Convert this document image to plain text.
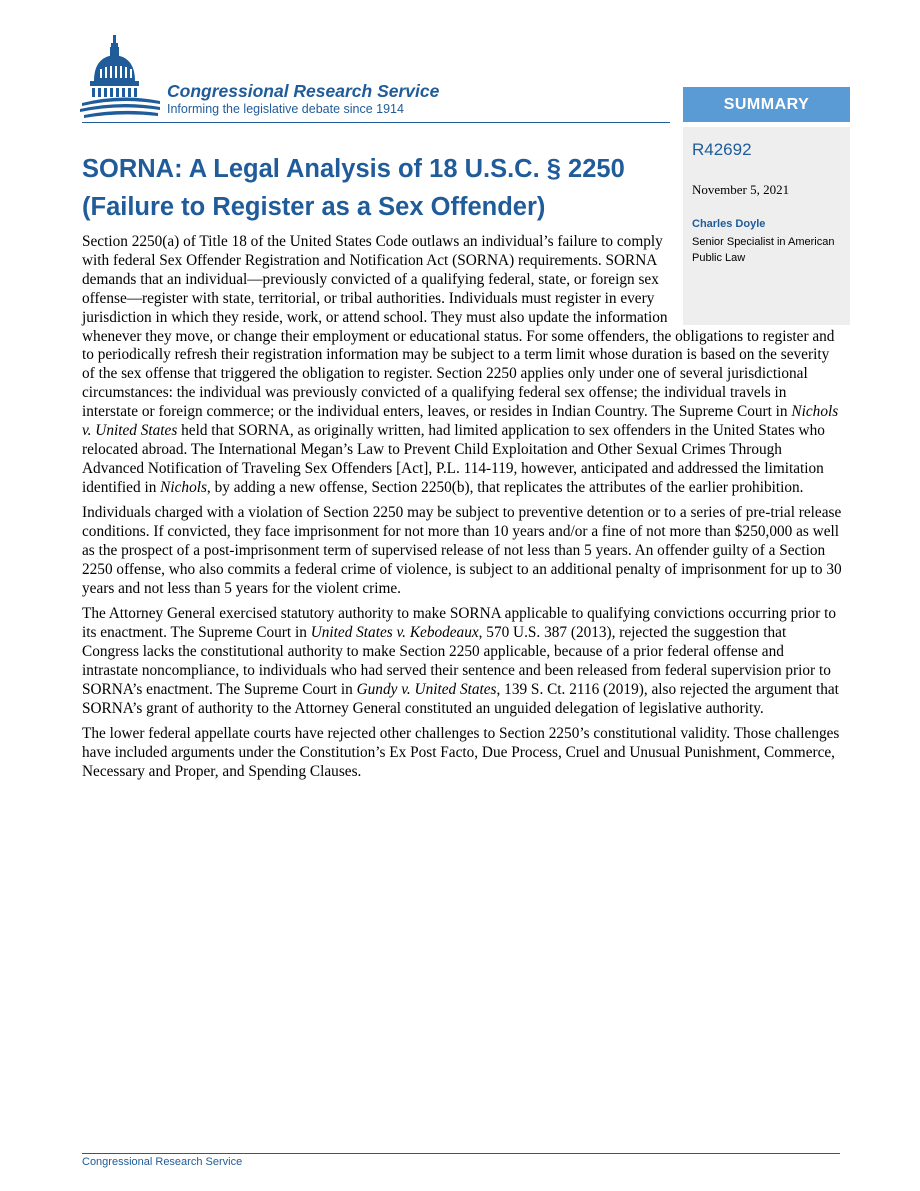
Congressional Research Service
Informing the legislative debate since 1914	SUMMARY
R42692
November 5, 2021
Charles Doyle
Senior Specialist in American Public Law
SORNA: A Legal Analysis of 18 U.S.C. § 2250
(Failure to Register as a Sex Offender)

Section 2250(a) of Title 18 of the United States Code outlaws an individual’s failure to comply with federal Sex Offender Registration and Notification Act (SORNA) requirements. SORNA demands that an individual—previously convicted of a qualifying federal, state, or foreign sex offense—register with state, territorial, or tribal authorities. Individuals must register in every jurisdiction in which they reside, work, or attend school. They must also update the information whenever they move, or change their employment or educational status. For some offenders, the obligations to register and to periodically refresh their registration information may be subject to a term limit whose duration is based on the severity of the sex offense that triggered the obligation to register. Section 2250 applies only under one of several jurisdictional circumstances: the individual was previously convicted of a qualifying federal sex offense; the individual travels in interstate or foreign commerce; or the individual enters, leaves, or resides in Indian Country. The Supreme Court in Nichols v. United States held that SORNA, as originally written, had limited application to sex offenders in the United States who relocated abroad. The International Megan’s Law to Prevent Child Exploitation and Other Sexual Crimes Through Advanced Notification of Traveling Sex Offenders [Act], P.L. 114-119, however, anticipated and addressed the limitation identified in Nichols, by adding a new offense, Section 2250(b), that replicates the attributes of the earlier prohibition.

Individuals charged with a violation of Section 2250 may be subject to preventive detention or to a series of pre-trial release conditions. If convicted, they face imprisonment for not more than 10 years and/or a fine of not more than $250,000 as well as the prospect of a post-imprisonment term of supervised release of not less than 5 years. An offender guilty of a Section 2250 offense, who also commits a federal crime of violence, is subject to an additional penalty of imprisonment for up to 30 years and not less than 5 years for the violent crime.

The Attorney General exercised statutory authority to make SORNA applicable to qualifying convictions occurring prior to its enactment. The Supreme Court in United States v. Kebodeaux, 570 U.S. 387 (2013), rejected the suggestion that Congress lacks the constitutional authority to make Section 2250 applicable, because of a prior federal offense and intrastate noncompliance, to individuals who had served their sentence and been released from federal supervision prior to SORNA’s enactment. The Supreme Court in Gundy v. United States, 139 S. Ct. 2116 (2019), also rejected the argument that SORNA’s grant of authority to the Attorney General constituted an unguided delegation of legislative authority.

The lower federal appellate courts have rejected other challenges to Section 2250’s constitutional validity. Those challenges have included arguments under the Constitution’s Ex Post Facto, Due Process, Cruel and Unusual Punishment, Commerce, Necessary and Proper, and Spending Clauses.

Congressional Research Service
